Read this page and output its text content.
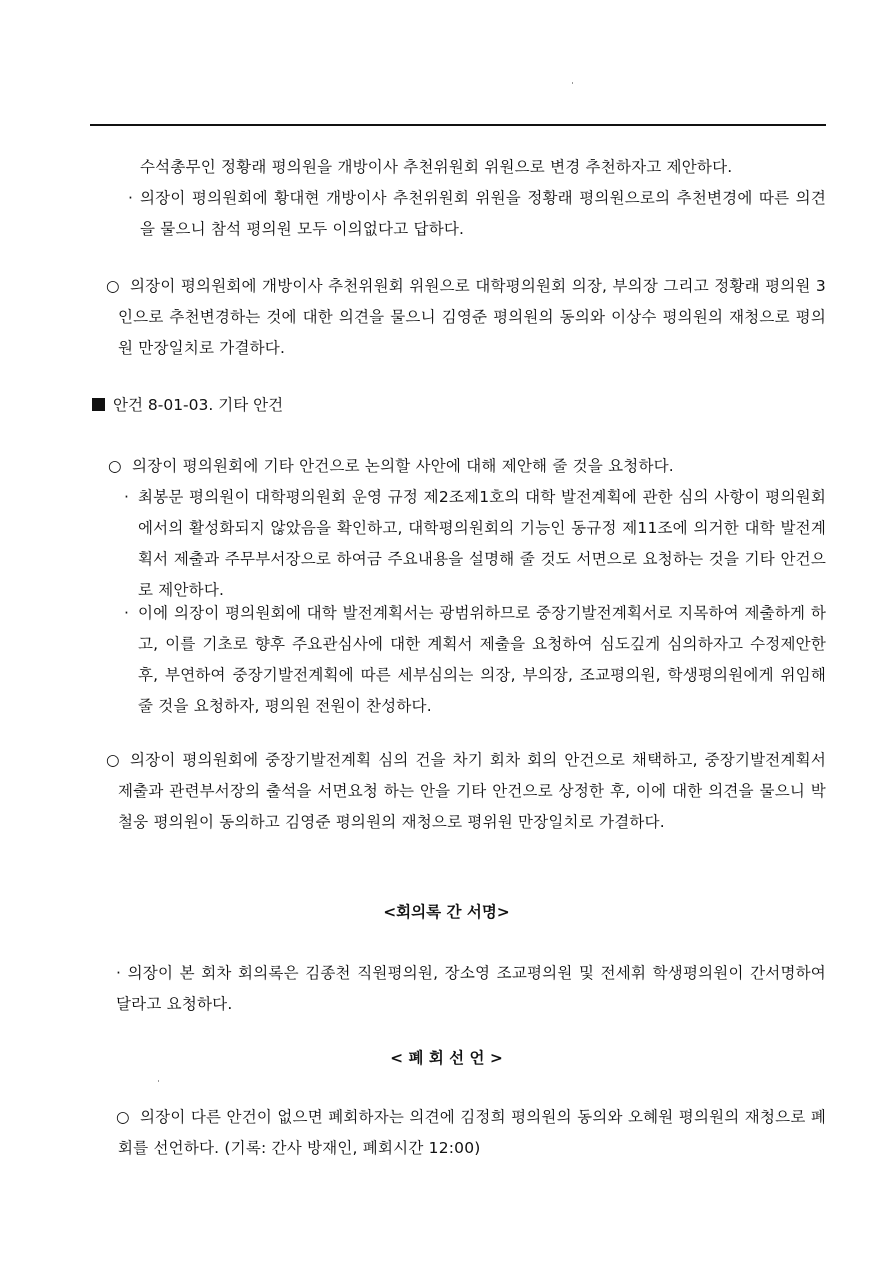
수석총무인 정황래 평의원을 개방이사 추천위원회 위원으로 변경 추천하자고 제안하다.
· 의장이 평의원회에 황대현 개방이사 추천위원회 위원을 정황래 평의원으로의 추천변경에 따른 의견을 물으니 참석 평의원 모두 이의없다고 답하다.
○ 의장이 평의원회에 개방이사 추천위원회 위원으로 대학평의원회 의장, 부의장 그리고 정황래 평의원 3인으로 추천변경하는 것에 대한 의견을 물으니 김영준 평의원의 동의와 이상수 평의원의 재청으로 평의원 만장일치로 가결하다.
안건 8-01-03. 기타 안건
○ 의장이 평의원회에 기타 안건으로 논의할 사안에 대해 제안해 줄 것을 요청하다.
· 최봉문 평의원이 대학평의원회 운영 규정 제2조제1호의 대학 발전계획에 관한 심의 사항이 평의원회에서의 활성화되지 않았음을 확인하고, 대학평의원회의 기능인 동규정 제11조에 의거한 대학 발전계획서 제출과 주무부서장으로 하여금 주요내용을 설명해 줄 것도 서면으로 요청하는 것을 기타 안건으로 제안하다.
· 이에 의장이 평의원회에 대학 발전계획서는 광범위하므로 중장기발전계획서로 지목하여 제출하게 하고, 이를 기초로 향후 주요관심사에 대한 계획서 제출을 요청하여 심도깊게 심의하자고 수정제안한 후, 부연하여 중장기발전계획에 따른 세부심의는 의장, 부의장, 조교평의원, 학생평의원에게 위임해 줄 것을 요청하자, 평의원 전원이 찬성하다.
○ 의장이 평의원회에 중장기발전계획 심의 건을 차기 회차 회의 안건으로 채택하고, 중장기발전계획서 제출과 관련부서장의 출석을 서면요청 하는 안을 기타 안건으로 상정한 후, 이에 대한 의견을 물으니 박철웅 평의원이 동의하고 김영준 평의원의 재청으로 평위원 만장일치로 가결하다.
<회의록 간 서명>
· 의장이 본 회차 회의록은 김종천 직원평의원, 장소영 조교평의원 및 전세휘 학생평의원이 간서명하여 달라고 요청하다.
< 폐 회 선 언 >
○ 의장이 다른 안건이 없으면 폐회하자는 의견에 김정희 평의원의 동의와 오혜원 평의원의 재청으로 폐회를 선언하다. (기록: 간사 방재인, 폐회시간 12:00)
